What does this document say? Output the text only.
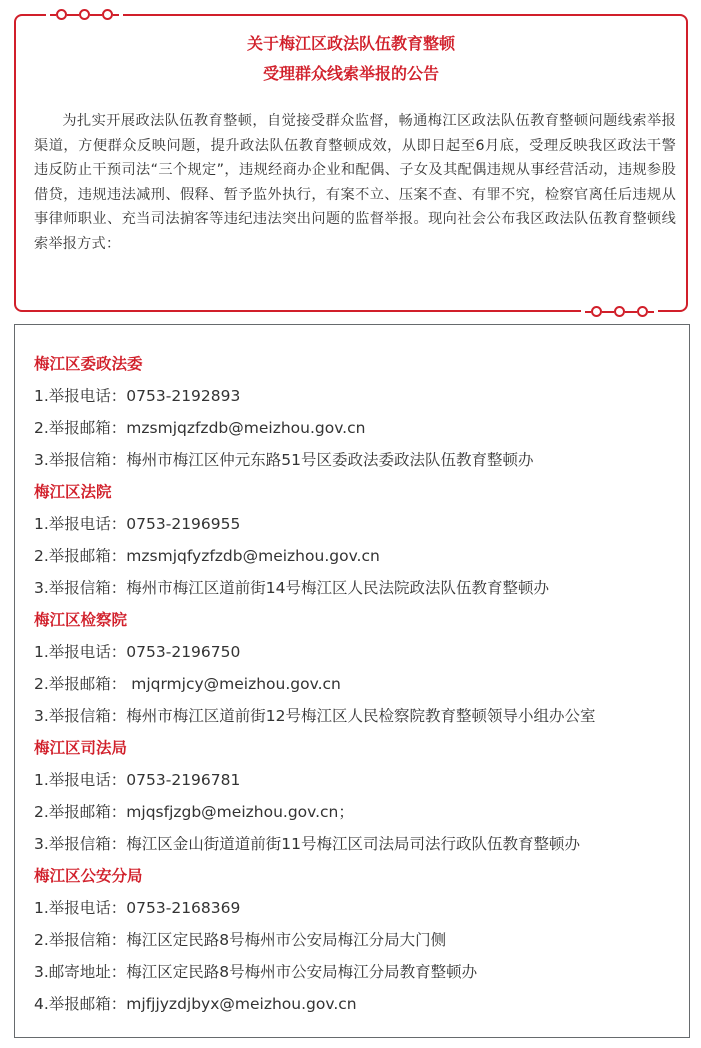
关于梅江区政法队伍教育整顿
受理群众线索举报的公告

为扎实开展政法队伍教育整顿，自觉接受群众监督，畅通梅江区政法队伍教育整顿问题线索举报渠道，方便群众反映问题，提升政法队伍教育整顿成效，从即日起至6月底，受理反映我区政法干警违反防止干预司法“三个规定”，违规经商办企业和配偶、子女及其配偶违规从事经营活动，违规参股借贷，违规违法减刑、假释、暂予监外执行，有案不立、压案不查、有罪不究，检察官离任后违规从事律师职业、充当司法掮客等违纪违法突出问题的监督举报。现向社会公布我区政法队伍教育整顿线索举报方式：

梅江区委政法委
1.举报电话：0753-2192893
2.举报邮箱：mzsmjqzfzdb@meizhou.gov.cn
3.举报信箱：梅州市梅江区仲元东路51号区委政法委政法队伍教育整顿办
梅江区法院
1.举报电话：0753-2196955
2.举报邮箱：mzsmjqfyzfzdb@meizhou.gov.cn
3.举报信箱：梅州市梅江区道前街14号梅江区人民法院政法队伍教育整顿办
梅江区检察院
1.举报电话：0753-2196750
2.举报邮箱： mjqrmjcy@meizhou.gov.cn
3.举报信箱：梅州市梅江区道前街12号梅江区人民检察院教育整顿领导小组办公室
梅江区司法局
1.举报电话：0753-2196781
2.举报邮箱：mjqsfjzgb@meizhou.gov.cn；
3.举报信箱：梅江区金山街道道前街11号梅江区司法局司法行政队伍教育整顿办
梅江区公安分局
1.举报电话：0753-2168369
2.举报信箱：梅江区定民路8号梅州市公安局梅江分局大门侧
3.邮寄地址：梅江区定民路8号梅州市公安局梅江分局教育整顿办
4.举报邮箱：mjfjjyzdjbyx@meizhou.gov.cn
